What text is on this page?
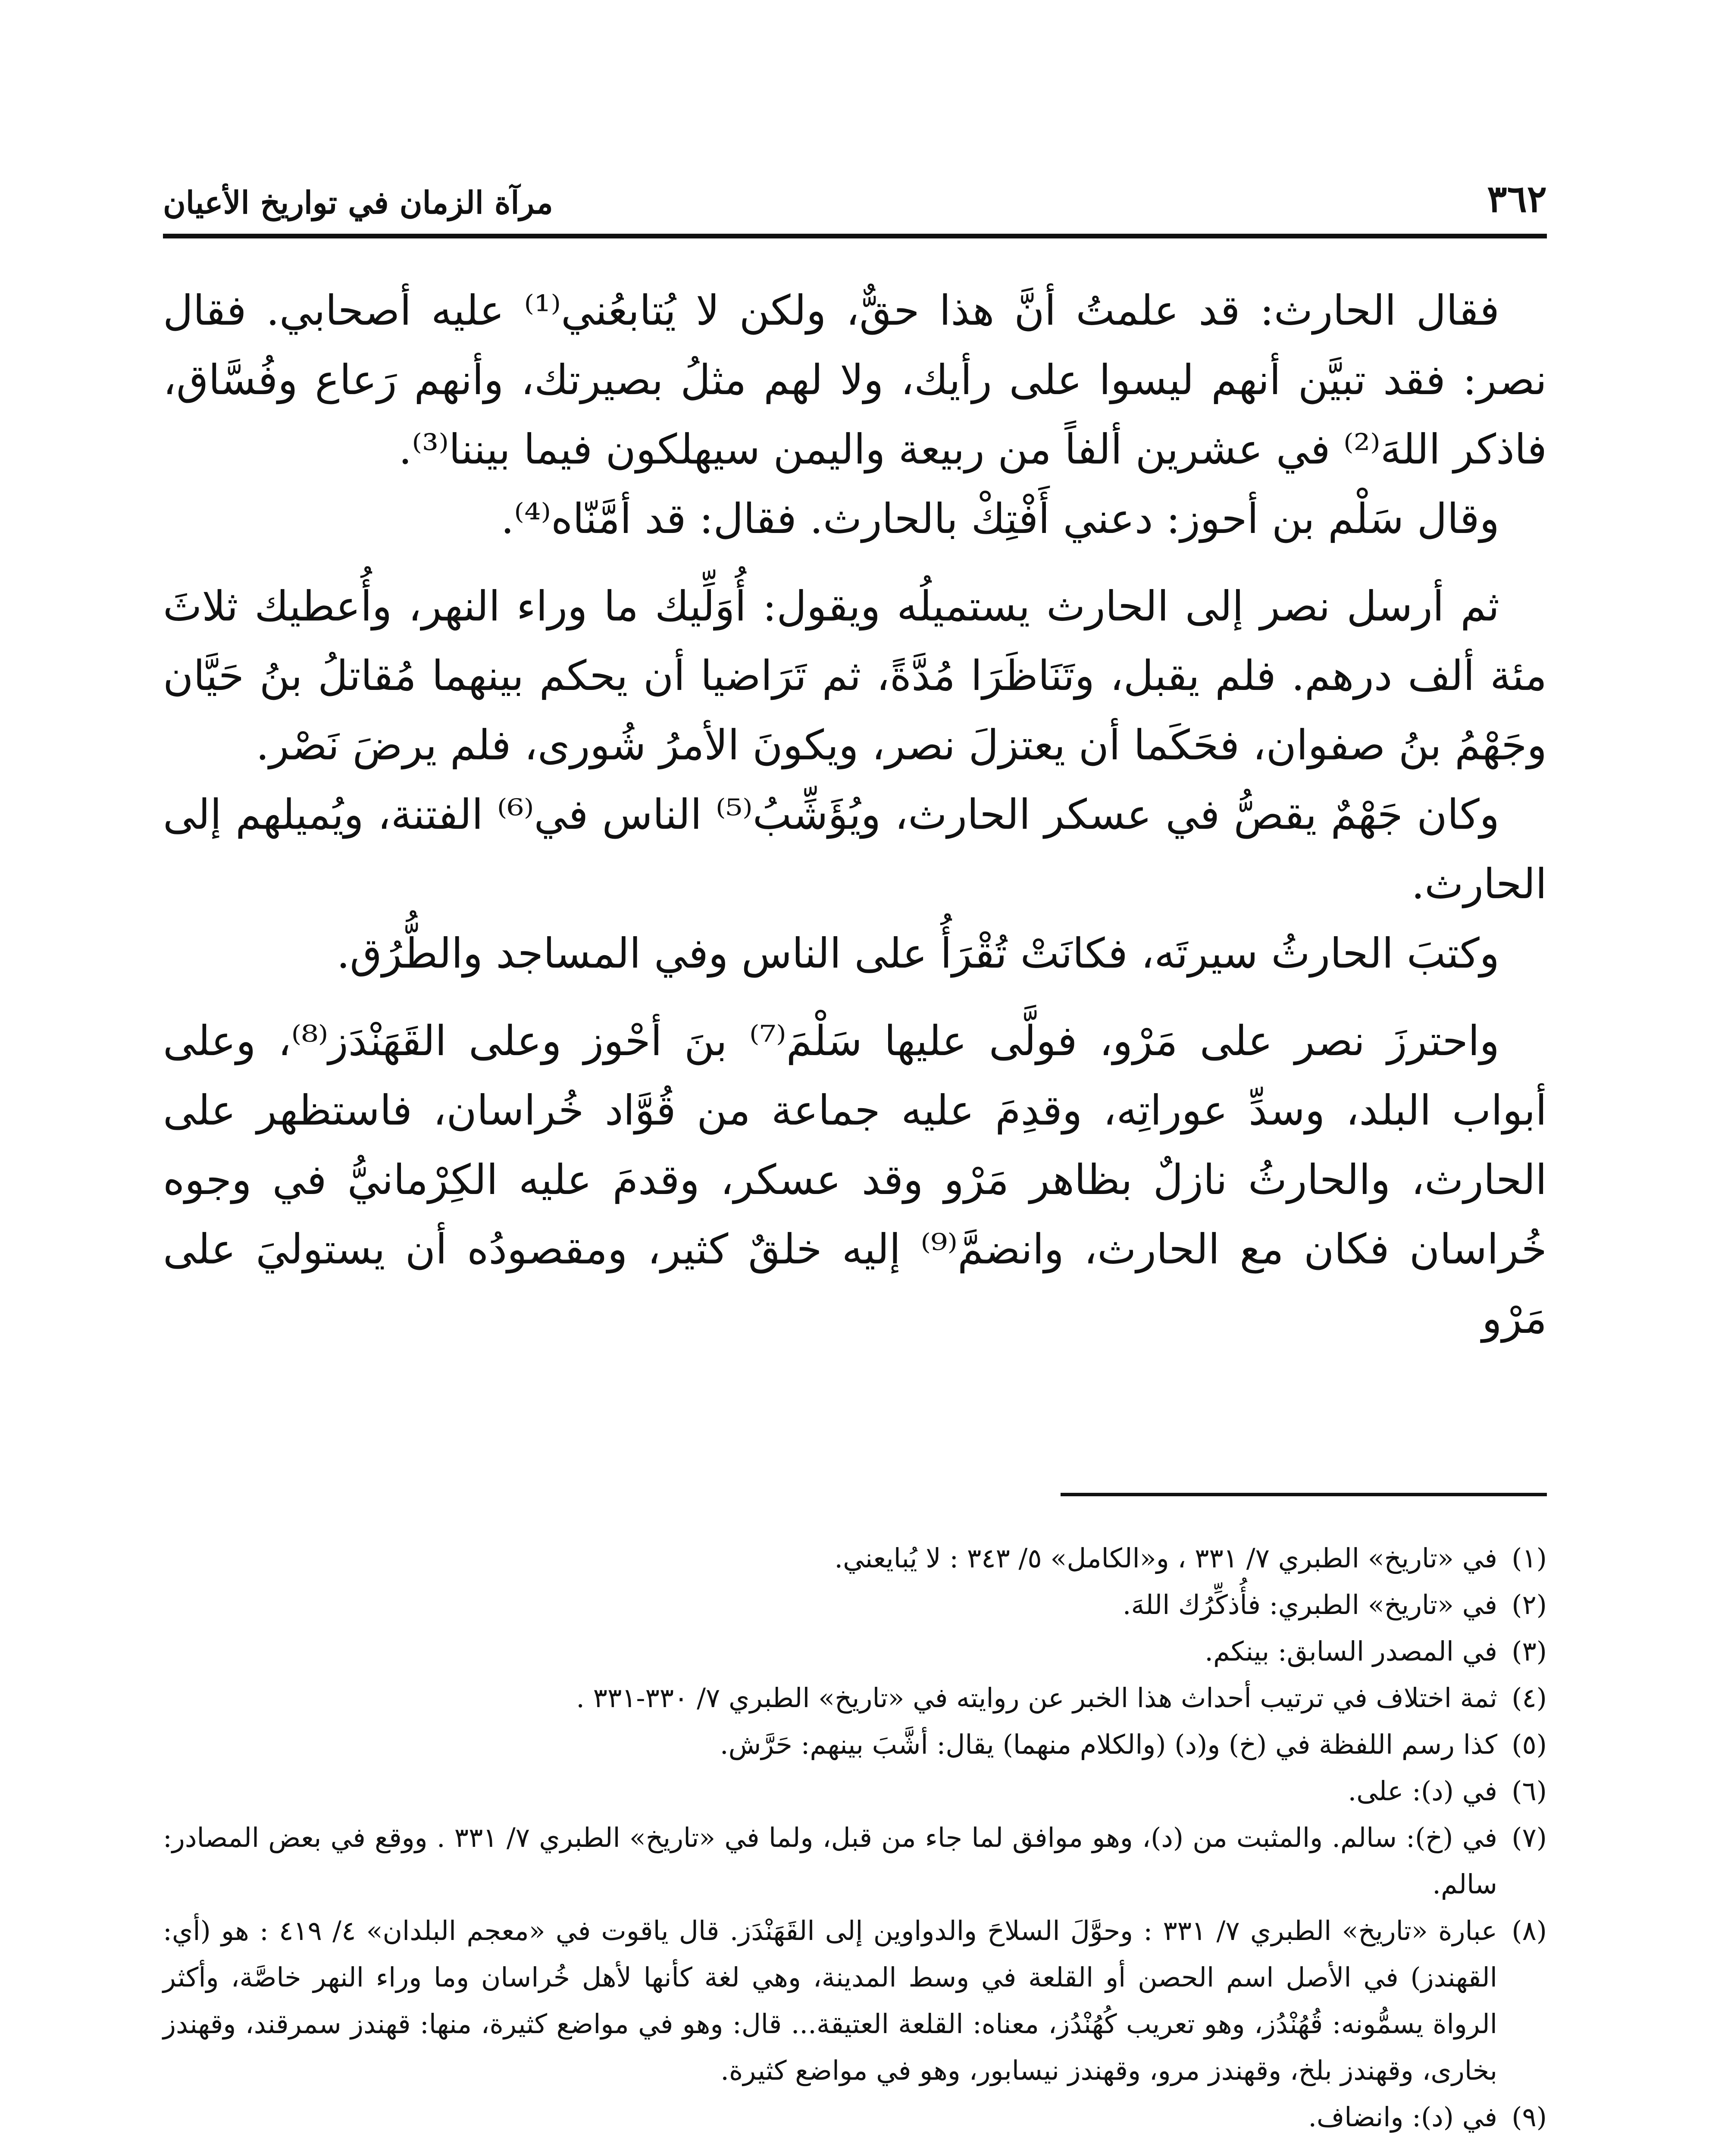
٣٦٢
مرآة الزمان في تواريخ الأعيان

فقال الحارث: قد علمتُ أنَّ هذا حقٌّ، ولكن لا يُتابعُني⁽¹⁾ عليه أصحابي. فقال نصر: فقد تبيَّن أنهم ليسوا على رأيك، ولا لهم مثلُ بصيرتك، وأنهم رَعاع وفُسَّاق، فاذكر اللهَ⁽²⁾ في عشرين ألفاً من ربيعة واليمن سيهلكون فيما بيننا⁽³⁾.

وقال سَلْم بن أحوز: دعني أَفْتِكْ بالحارث. فقال: قد أمَّنّاه⁽⁴⁾.

ثم أرسل نصر إلى الحارث يستميلُه ويقول: أُوَلِّيك ما وراء النهر، وأُعطيك ثلاثَ مئة ألف درهم. فلم يقبل، وتَنَاظَرَا مُدَّةً، ثم تَرَاضيا أن يحكم بينهما مُقاتلُ بنُ حَيَّان وجَهْمُ بنُ صفوان، فحَكَما أن يعتزلَ نصر، ويكونَ الأمرُ شُورى، فلم يرضَ نَصْر.

وكان جَهْمٌ يقصُّ في عسكر الحارث، ويُؤَشِّبُ⁽⁵⁾ الناس في⁽⁶⁾ الفتنة، ويُميلهم إلى الحارث.

وكتبَ الحارثُ سيرتَه، فكانَتْ تُقْرَأُ على الناس وفي المساجد والطُّرُق.

واحترزَ نصر على مَرْو، فولَّى عليها سَلْمَ⁽⁷⁾ بنَ أحْوز وعلى القَهَنْدَز⁽⁸⁾، وعلى أبواب البلد، وسدِّ عوراتِه، وقدِمَ عليه جماعة من قُوَّاد خُراسان، فاستظهر على الحارث، والحارثُ نازلٌ بظاهر مَرْو وقد عسكر، وقدمَ عليه الكِرْمانيُّ في وجوه خُراسان فكان مع الحارث، وانضمَّ⁽⁹⁾ إليه خلقٌ كثير، ومقصودُه أن يستوليَ على مَرْو

(١)
في «تاريخ» الطبري ٧/ ٣٣١ ، و«الكامل» ٥/ ٣٤٣ : لا يُبايعني.
(٢)
في «تاريخ» الطبري: فأُذكِّرُك اللهَ.
(٣)
في المصدر السابق: بينكم.
(٤)
ثمة اختلاف في ترتيب أحداث هذا الخبر عن روايته في «تاريخ» الطبري ٧/ ٣٣٠-٣٣١ .
(٥)
كذا رسم اللفظة في (خ) و(د) (والكلام منهما) يقال: أشَّبَ بينهم: حَرَّش.
(٦)
في (د): على.
(٧)
في (خ): سالم. والمثبت من (د)، وهو موافق لما جاء من قبل، ولما في «تاريخ» الطبري ٧/ ٣٣١ . ووقع في بعض المصادر: سالم.
(٨)
عبارة «تاريخ» الطبري ٧/ ٣٣١ : وحوَّلَ السلاحَ والدواوين إلى القَهَنْدَز. قال ياقوت في «معجم البلدان» ٤/ ٤١٩ : هو (أي: القهندز) في الأصل اسم الحصن أو القلعة في وسط المدينة، وهي لغة كأنها لأهل خُراسان وما وراء النهر خاصَّة، وأكثر الرواة يسمُّونه: قُهُنْدُز، وهو تعريب كُهُنْدُز، معناه: القلعة العتيقة... قال: وهو في مواضع كثيرة، منها: قهندز سمرقند، وقهندز بخارى، وقهندز بلخ، وقهندز مرو، وقهندز نيسابور، وهو في مواضع كثيرة.
(٩)
في (د): وانضاف.
